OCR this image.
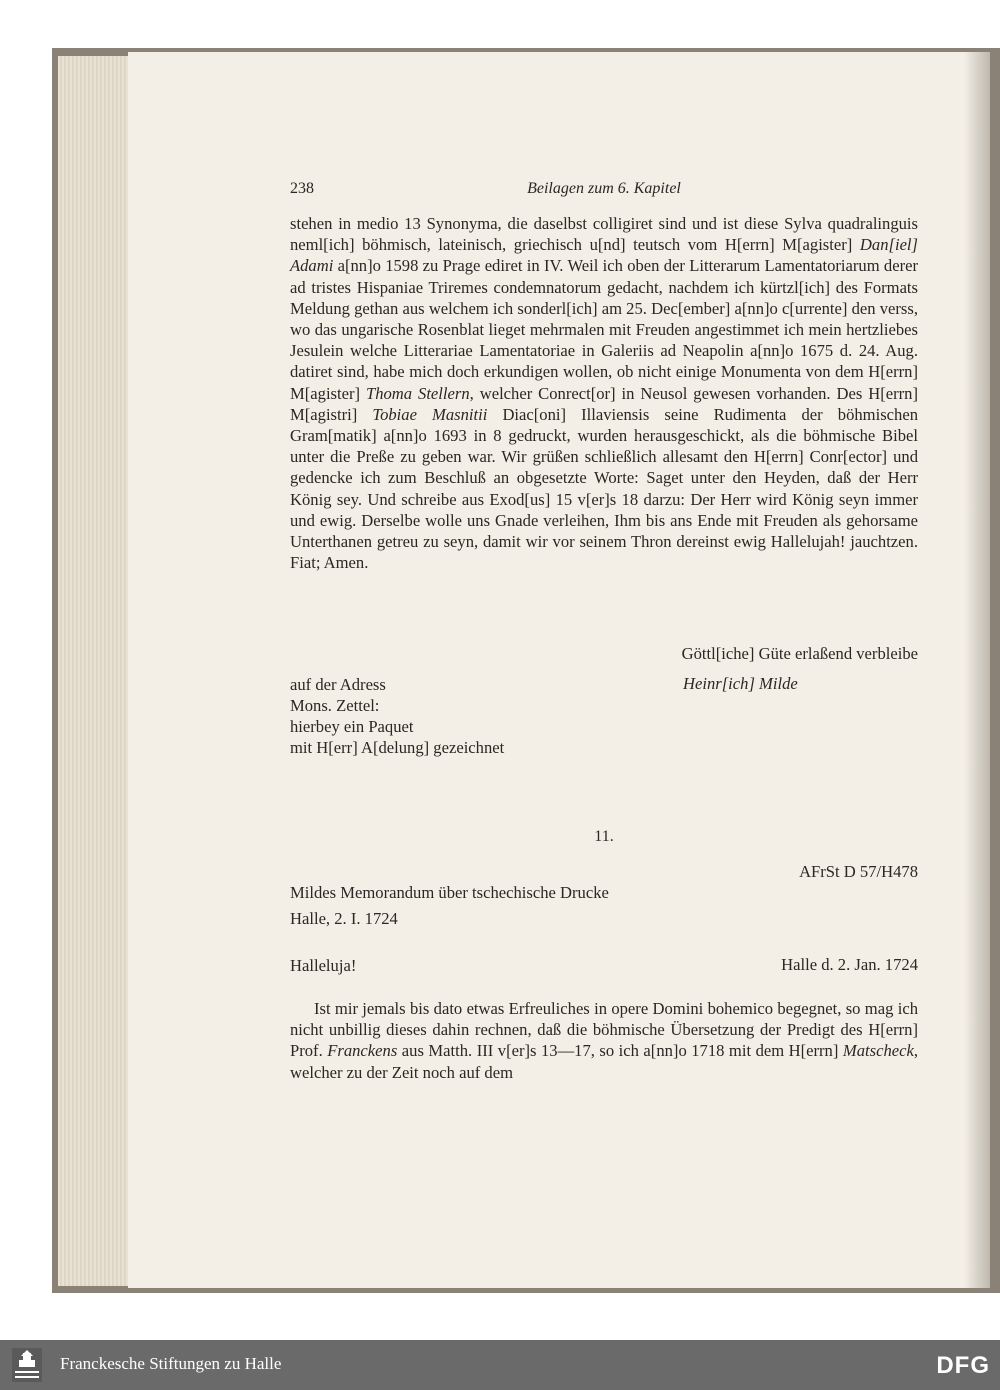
238	Beilagen zum 6. Kapitel

stehen in medio 13 Synonyma, die daselbst colligiret sind und ist diese Sylva quadralinguis neml[ich] böhmisch, lateinisch, griechisch u[nd] teutsch vom H[errn] M[agister] Dan[iel] Adami a[nn]o 1598 zu Prage ediret in IV. Weil ich oben der Litterarum Lamentatoriarum derer ad tristes Hispaniae Triremes condemnatorum gedacht, nachdem ich kürtzl[ich] des Formats Meldung gethan aus welchem ich sonderl[ich] am 25. Dec[ember] a[nn]o c[urrente] den verss, wo das ungarische Rosenblat lieget mehrmalen mit Freuden angestimmet ich mein hertzliebes Jesulein welche Litterariae Lamentatoriae in Galeriis ad Neapolin a[nn]o 1675 d. 24. Aug. datiret sind, habe mich doch erkundigen wollen, ob nicht einige Monumenta von dem H[errn] M[agister] Thoma Stellern, welcher Conrect[or] in Neusol gewesen vorhanden. Des H[errn] M[agistri] Tobiae Masnitii Diac[oni] Illaviensis seine Rudimenta der böhmischen Gram[matik] a[nn]o 1693 in 8 gedruckt, wurden herausgeschickt, als die böhmische Bibel unter die Preße zu geben war. Wir grüßen schließlich allesamt den H[errn] Conr[ector] und gedencke ich zum Beschluß an obgesetzte Worte: Saget unter den Heyden, daß der Herr König sey. Und schreibe aus Exod[us] 15 v[er]s 18 darzu: Der Herr wird König seyn immer und ewig. Derselbe wolle uns Gnade verleihen, Ihm bis ans Ende mit Freuden als gehorsame Unterthanen getreu zu seyn, damit wir vor seinem Thron dereinst ewig Hallelujah! jauchtzen. Fiat; Amen.

Göttl[iche] Güte erlaßend verbleibe
auf der Adress
Mons. Zettel:
hierbey ein Paquet
mit H[err] A[delung] gezeichnet
Heinr[ich] Milde
11.
AFrSt D 57/H478
Mildes Memorandum über tschechische Drucke
Halle, 2. I. 1724
Halleluja!	Halle d. 2. Jan. 1724

Ist mir jemals bis dato etwas Erfreuliches in opere Domini bohemico begegnet, so mag ich nicht unbillig dieses dahin rechnen, daß die böhmische Übersetzung der Predigt des H[errn] Prof. Franckens aus Matth. III v[er]s 13—17, so ich a[nn]o 1718 mit dem H[errn] Matscheck, welcher zu der Zeit noch auf dem

Franckesche Stiftungen zu Halle	DFG
